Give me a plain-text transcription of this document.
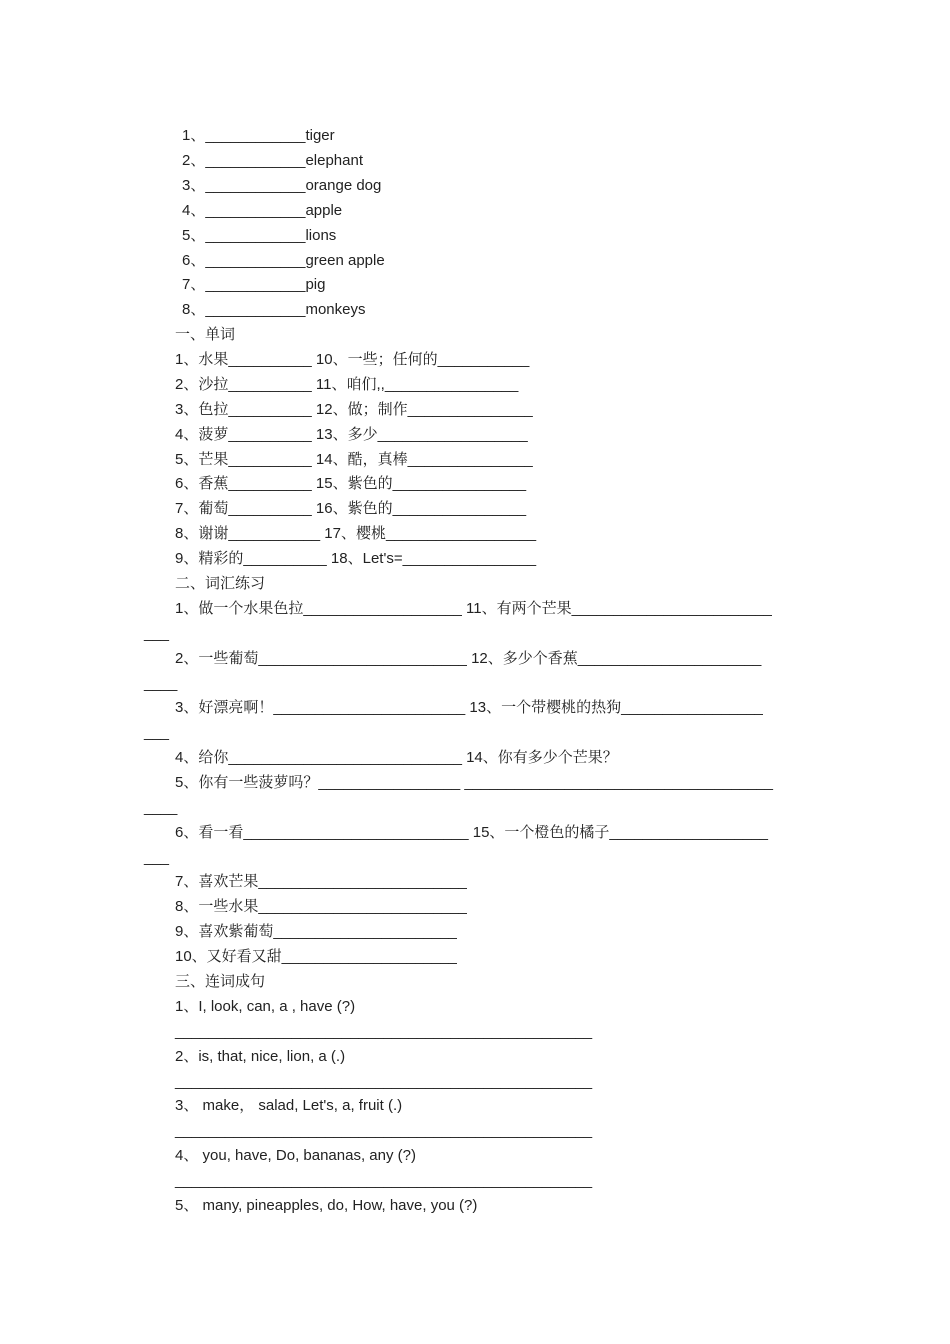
1、____________tiger
2、____________elephant
3、____________orange dog
4、____________apple
5、____________lions
6、____________green apple
7、____________pig
8、____________monkeys
一、单词
1、水果__________ 10、一些；任何的___________
2、沙拉__________ 11、咱们,,________________
3、色拉__________ 12、做；制作_______________
4、菠萝__________ 13、多少__________________
5、芒果__________ 14、酷，真棒_______________
6、香蕉__________ 15、紫色的________________
7、葡萄__________ 16、紫色的________________
8、谢谢___________ 17、樱桃__________________
9、精彩的__________ 18、Let's=________________
二、词汇练习
1、做一个水果色拉___________________ 11、有两个芒果________________________
___
2、一些葡萄_________________________ 12、多少个香蕉______________________
____
3、好漂亮啊！_______________________ 13、一个带樱桃的热狗_________________
___
4、给你____________________________ 14、你有多少个芒果？
5、你有一些菠萝吗？_________________ _____________________________________
____
6、看一看___________________________ 15、一个橙色的橘子___________________
___
7、喜欢芒果_________________________
8、一些水果_________________________
9、喜欢紫葡萄______________________
10、又好看又甜_____________________
三、连词成句
1、I, look, can, a , have (?)
__________________________________________________
2、is, that, nice, lion, a (.)
__________________________________________________
3、 make， salad, Let's, a, fruit (.)
__________________________________________________
4、 you, have, Do, bananas, any (?)
__________________________________________________
5、 many, pineapples, do, How, have, you (?)
